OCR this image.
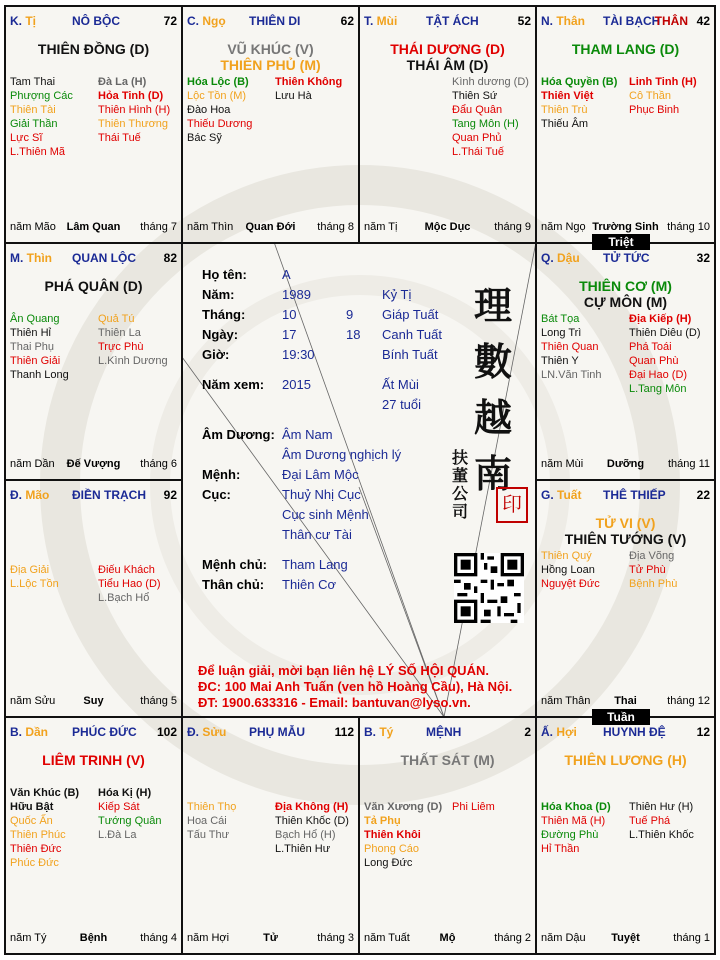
K. Tị	NÔ BỘC	72
THIÊN ĐỒNG (D)
Tam Thai
Phượng Các
Thiên Tài
Giải Thần
Lực Sĩ
L.Thiên Mã
Đà La (H)
Hỏa Tinh (D)
Thiên Hình (H)
Thiên Thương
Thái Tuế
năm Mão Lâm Quan	tháng 7
C. Ngọ THIÊN DI	62
VŨ KHÚC (V)
THIÊN PHỦ (M)
Hóa Lộc (B)
Lộc Tồn (M)
Đào Hoa
Thiếu Dương
Bác Sỹ
Thiên Không
Lưu Hà
năm Thìn	Quan Đới	tháng 8
T. Mùi TẬT ÁCH	52
THÁI DƯƠNG (D)
THÁI ÂM (D)
Kình dương (D)
Thiên Sứ
Đẩu Quân
Tang Môn (H)
Quan Phủ
L.Thái Tuế
năm Tị	Mộc Dục	tháng 9
N. Thân TÀI BẠCH
THÂN 42
THAM LANG (D)
Hóa Quyền (B)
Thiên Việt
Thiên Trù
Thiếu Âm
Linh Tinh (H)
Cô Thần
Phục Binh
năm Ngọ Trường Sinh tháng 10
M. Thìn QUAN LỘC 82
PHÁ QUÂN (D)
Ân Quang
Thiên Hỉ
Thai Phụ
Thiên Giải
Thanh Long
Quả Tú
Thiên La
Trực Phù
L.Kình Dương
năm Dần	Đế Vượng	tháng 6
Q. Dậu TỬ TỨC	32
THIÊN CƠ (M)
CỰ MÔN (M)
Bát Tọa
Long Trì
Thiên Quan
Thiên Y
LN.Văn Tinh
Địa Kiếp (H)
Thiên Diêu (D)
Phá Toái
Quan Phù
Đại Hao (D)
L.Tang Môn
năm Mùi	Dưỡng	tháng 11
Đ. Mão ĐIỀN TRẠCH 92
Địa Giải
L.Lộc Tồn
Điếu Khách
Tiểu Hao (D)
L.Bạch Hổ
năm Sửu	Suy	tháng 5
G. Tuất THÊ THIẾP	22
TỬ VI (V)
THIÊN TƯỚNG (V)
Thiên Quý
Hồng Loan
Nguyệt Đức
Địa Võng
Tử Phù
Bệnh Phù
năm Thân	Thai	tháng 12
B. Dần PHÚC ĐỨC 102
LIÊM TRINH (V)
Văn Khúc (B)
Hữu Bật
Quốc Ấn
Thiên Phúc
Thiên Đức
Phúc Đức
Hóa Kị (H)
Kiếp Sát
Tướng Quân
L.Đà La
năm Tý	Bệnh	tháng 4
Đ. Sửu PHỤ MẪU 112
Thiên Thọ
Hoa Cái
Tấu Thư
Địa Không (H)
Thiên Khốc (D)
Bạch Hổ (H)
L.Thiên Hư
năm Hợi	Tử	tháng 3
B. Tý	MỆNH	2
THẤT SÁT (M)
Văn Xương (D)
Tả Phụ
Thiên Khôi
Phong Cáo
Long Đức
Phi Liêm
năm Tuất	Mộ	tháng 2
Ấ. Hợi HUYNH ĐỆ	12
THIÊN LƯƠNG (H)
Hóa Khoa (D)
Thiên Mã (H)
Đường Phù
Hỉ Thần
Thiên Hư (H)
Tuế Phá
L.Thiên Khốc
năm Dậu	Tuyệt	tháng 1
Triệt
Tuần
Họ tên:	A
Năm:	1989	Kỷ Tị
Tháng:	10	9 Giáp Tuất
Ngày:	17	18 Canh Tuất
Giờ:	19:30	Bính Tuất
Năm xem: 2015	Ất Mùi
27 tuổi
Âm Dương: Âm Nam
Âm Dương nghịch lý
Mệnh:	Đại Lâm Mộc
Cục:	Thuỷ Nhị Cục
Cục sinh Mệnh
Thân cư Tài
Mệnh chủ: Tham Lang
Thân chủ: Thiên Cơ
理
數
越
南
扶
董
公
司	印
Để luận giải, mời bạn liên hệ LÝ SỐ HỘI QUÁN.
ĐC: 100 Mai Anh Tuấn (ven hồ Hoàng Cầu), Hà Nội.
ĐT: 1900.633316 - Email: bantuvan@lyso.vn.
